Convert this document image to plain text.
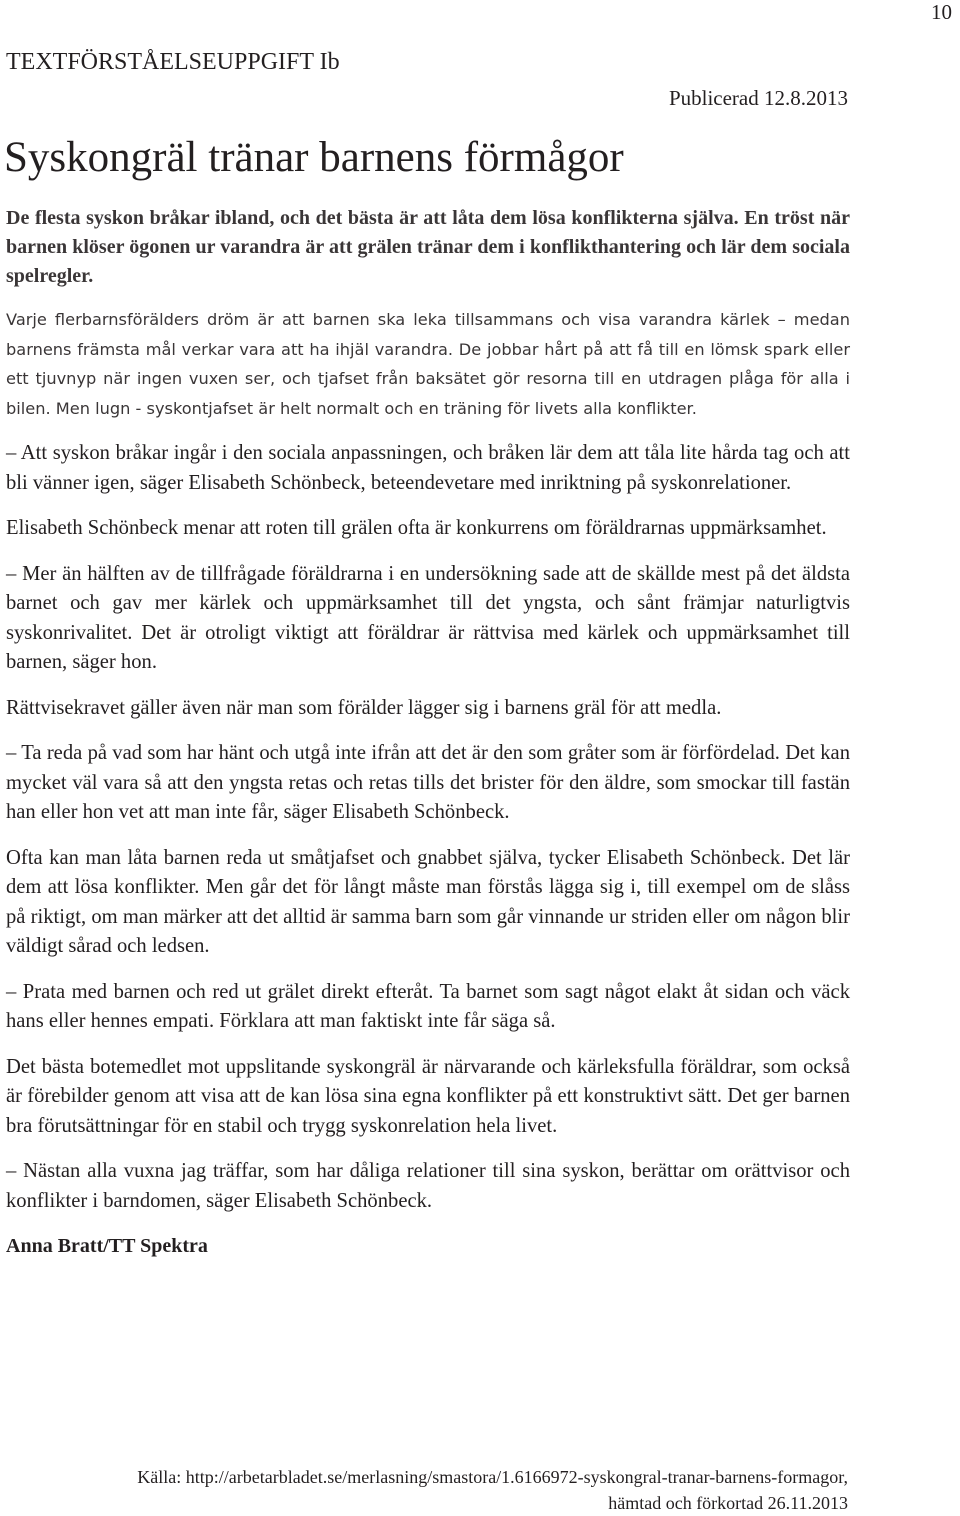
10
TEXTFÖRSTÅELSEUPPGIFT Ib
Publicerad 12.8.2013
Syskongräl tränar barnens förmågor

De flesta syskon bråkar ibland, och det bästa är att låta dem lösa konflikterna själva. En tröst när barnen klöser ögonen ur varandra är att grälen tränar dem i konflikthantering och lär dem sociala spelregler.

Varje flerbarnsförälders dröm är att barnen ska leka tillsammans och visa varandra kärlek – medan barnens främsta mål verkar vara att ha ihjäl varandra. De jobbar hårt på att få till en lömsk spark eller ett tjuvnyp när ingen vuxen ser, och tjafset från baksätet gör resorna till en utdragen plåga för alla i bilen. Men lugn - syskontjafset är helt normalt och en träning för livets alla konflikter.

– Att syskon bråkar ingår i den sociala anpassningen, och bråken lär dem att tåla lite hårda tag och att bli vänner igen, säger Elisabeth Schönbeck, beteendevetare med inriktning på syskonrelationer.

Elisabeth Schönbeck menar att roten till grälen ofta är konkurrens om föräldrarnas uppmärksamhet.

– Mer än hälften av de tillfrågade föräldrarna i en undersökning sade att de skällde mest på det äldsta barnet och gav mer kärlek och uppmärksamhet till det yngsta, och sånt främjar naturligtvis syskonrivalitet. Det är otroligt viktigt att föräldrar är rättvisa med kärlek och uppmärksamhet till barnen, säger hon.

Rättvisekravet gäller även när man som förälder lägger sig i barnens gräl för att medla.

– Ta reda på vad som har hänt och utgå inte ifrån att det är den som gråter som är förfördelad. Det kan mycket väl vara så att den yngsta retas och retas tills det brister för den äldre, som smockar till fastän han eller hon vet att man inte får, säger Elisabeth Schönbeck.

Ofta kan man låta barnen reda ut småtjafset och gnabbet själva, tycker Elisabeth Schönbeck. Det lär dem att lösa konflikter. Men går det för långt måste man förstås lägga sig i, till exempel om de slåss på riktigt, om man märker att det alltid är samma barn som går vinnande ur striden eller om någon blir väldigt sårad och ledsen.

– Prata med barnen och red ut grälet direkt efteråt. Ta barnet som sagt något elakt åt sidan och väck hans eller hennes empati. Förklara att man faktiskt inte får säga så.

Det bästa botemedlet mot uppslitande syskongräl är närvarande och kärleksfulla föräldrar, som också är förebilder genom att visa att de kan lösa sina egna konflikter på ett konstruktivt sätt. Det ger barnen bra förutsättningar för en stabil och trygg syskonrelation hela livet.

– Nästan alla vuxna jag träffar, som har dåliga relationer till sina syskon, berättar om orättvisor och konflikter i barndomen, säger Elisabeth Schönbeck.

Anna Bratt/TT Spektra

Källa: http://arbetarbladet.se/merlasning/smastora/1.6166972-syskongral-tranar-barnens-formagor,
hämtad och förkortad 26.11.2013
